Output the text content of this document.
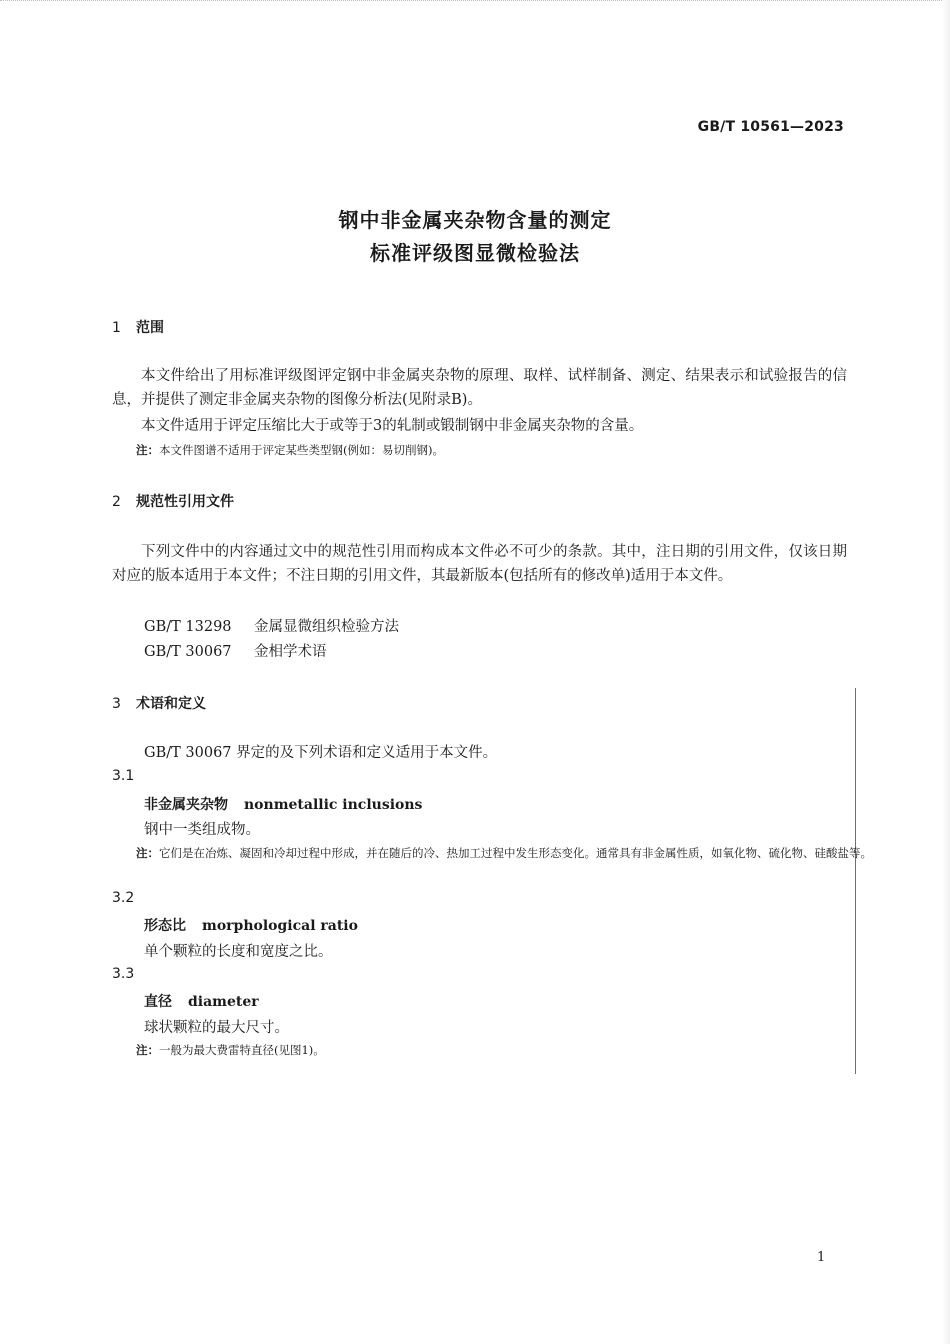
GB/T 10561—2023
钢中非金属夹杂物含量的测定
标准评级图显微检验法
1 范围
本文件给出了用标准评级图评定钢中非金属夹杂物的原理、取样、试样制备、测定、结果表示和试验报告的信息，并提供了测定非金属夹杂物的图像分析法(见附录B)。
本文件适用于评定压缩比大于或等于3的轧制或锻制钢中非金属夹杂物的含量。
注：本文件图谱不适用于评定某些类型钢(例如：易切削钢)。
2 规范性引用文件
下列文件中的内容通过文中的规范性引用而构成本文件必不可少的条款。其中，注日期的引用文件，仅该日期对应的版本适用于本文件；不注日期的引用文件，其最新版本(包括所有的修改单)适用于本文件。
GB/T 13298 金属显微组织检验方法
GB/T 30067 金相学术语
3 术语和定义
GB/T 30067 界定的及下列术语和定义适用于本文件。
3.1
非金属夹杂物 nonmetallic inclusions
钢中一类组成物。
注：它们是在冶炼、凝固和冷却过程中形成，并在随后的冷、热加工过程中发生形态变化。通常具有非金属性质，如氧化物、硫化物、硅酸盐等。
3.2
形态比 morphological ratio
单个颗粒的长度和宽度之比。
3.3
直径 diameter
球状颗粒的最大尺寸。
注：一般为最大费雷特直径(见图1)。
1
